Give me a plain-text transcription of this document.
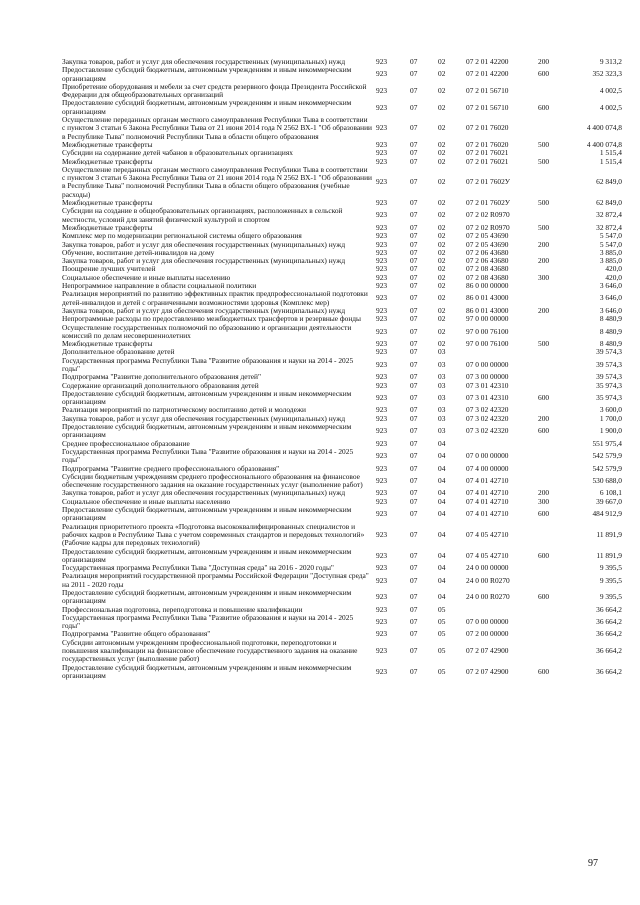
Закупка товаров, работ и услуг для обеспечения государственных (муниципальных) нужд	923	07	02	07 2 01 42200	200	9 313,2
Предоставление субсидий бюджетным, автономным учреждениям и иным некоммерческим организациям	923	07	02	07 2 01 42200	600	352 323,3
Приобретение оборудования и мебели за счет средств резервного фонда Президента Российской Федерации для общеобразовательных организаций	923	07	02	07 2 01 56710		4 002,5
Предоставление субсидий бюджетным, автономным учреждениям и иным некоммерческим организациям	923	07	02	07 2 01 56710	600	4 002,5
Осуществление переданных органам местного самоуправления Республики Тыва в соответствии с пунктом 3 статьи 6 Закона Республики Тыва от 21 июня 2014 года N 2562 ВХ-1 "Об образовании в Республике Тыва" полномочий Республики Тыва в области общего образования	923	07	02	07 2 01 76020		4 400 074,8
Межбюджетные трансферты	923	07	02	07 2 01 76020	500	4 400 074,8
Субсидии на содержание детей чабанов в образовательных организациях	923	07	02	07 2 01 76021		1 515,4
Межбюджетные трансферты	923	07	02	07 2 01 76021	500	1 515,4
Осуществление переданных органам местного самоуправления Республики Тыва в соответствии с пунктом 3 статьи 6 Закона Республики Тыва от 21 июня 2014 года N 2562 ВХ-1 "Об образовании в Республике Тыва" полномочий Республики Тыва в области общего образования (учебные расходы)	923	07	02	07 2 01 7602У		62 849,0
Межбюджетные трансферты	923	07	02	07 2 01 7602У	500	62 849,0
Субсидии на создание в общеобразовательных организациях, расположенных в сельской местности, условий для занятий физической культурой и спортом	923	07	02	07 2 02 R0970		32 872,4
Межбюджетные трансферты	923	07	02	07 2 02 R0970	500	32 872,4
Комплекс мер по модернизации региональной системы общего образования	923	07	02	07 2 05 43690		5 547,0
Закупка товаров, работ и услуг для обеспечения государственных (муниципальных) нужд	923	07	02	07 2 05 43690	200	5 547,0
Обучение, воспитание детей-инвалидов на дому	923	07	02	07 2 06 43680		3 885,0
Закупка товаров, работ и услуг для обеспечения государственных (муниципальных) нужд	923	07	02	07 2 06 43680	200	3 885,0
Поощрение лучших учителей	923	07	02	07 2 08 43680		420,0
Социальное обеспечение и иные выплаты населению	923	07	02	07 2 08 43680	300	420,0
Непрограммное направление в области социальной политики	923	07	02	86 0 00 00000		3 646,0
Реализация мероприятий по развитию эффективных практик предпрофессиональной подготовки детей-инвалидов и детей с ограниченными возможностями здоровья (Комплекс мер)	923	07	02	86 0 01 43000		3 646,0
Закупка товаров, работ и услуг для обеспечения государственных (муниципальных) нужд	923	07	02	86 0 01 43000	200	3 646,0
Непрограммные расходы по предоставлению межбюджетных трансфертов и резервные фонды	923	07	02	97 0 00 00000		8 480,9
Осуществление государственных полномочий по образованию и организации деятельности комиссий по делам несовершеннолетних	923	07	02	97 0 00 76100		8 480,9
Межбюджетные трансферты	923	07	02	97 0 00 76100	500	8 480,9
Дополнительное образование детей	923	07	03			39 574,3
Государственная программа Республики Тыва "Развитие образования и науки на 2014 - 2025 годы"	923	07	03	07 0 00 00000		39 574,3
Подпрограмма "Развитие дополнительного образования детей"	923	07	03	07 3 00 00000		39 574,3
Содержание организаций дополнительного образования детей	923	07	03	07 3 01 42310		35 974,3
Предоставление субсидий бюджетным, автономным учреждениям и иным некоммерческим организациям	923	07	03	07 3 01 42310	600	35 974,3
Реализация мероприятий по патриотическому воспитанию детей и молодежи	923	07	03	07 3 02 42320		3 600,0
Закупка товаров, работ и услуг для обеспечения государственных (муниципальных) нужд	923	07	03	07 3 02 42320	200	1 700,0
Предоставление субсидий бюджетным, автономным учреждениям и иным некоммерческим организациям	923	07	03	07 3 02 42320	600	1 900,0
Среднее профессиональное образование	923	07	04			551 975,4
Государственная программа Республики Тыва "Развитие образования и науки на 2014 - 2025 годы"	923	07	04	07 0 00 00000		542 579,9
Подпрограмма "Развитие среднего профессионального образования"	923	07	04	07 4 00 00000		542 579,9
Субсидии бюджетным учреждениям среднего профессионального образования на финансовое обеспечение государственного задания на оказание государственных услуг (выполнение работ)	923	07	04	07 4 01 42710		530 688,0
Закупка товаров, работ и услуг для обеспечения государственных (муниципальных) нужд	923	07	04	07 4 01 42710	200	6 108,1
Социальное обеспечение и иные выплаты населению	923	07	04	07 4 01 42710	300	39 667,0
Предоставление субсидий бюджетным, автономным учреждениям и иным некоммерческим организациям	923	07	04	07 4 01 42710	600	484 912,9
Реализация приоритетного проекта «Подготовка высококвалифицированных специалистов и рабочих кадров в Республике Тыва с учетом современных стандартов и передовых технологий» (Рабочие кадры для передовых технологий)	923	07	04	07 4 05 42710		11 891,9
Предоставление субсидий бюджетным, автономным учреждениям и иным некоммерческим организациям	923	07	04	07 4 05 42710	600	11 891,9
Государственная программа Республики Тыва "Доступная среда" на 2016 - 2020 годы"	923	07	04	24 0 00 00000		9 395,5
Реализация мероприятий государственной программы Российской Федерации "Доступная среда" на 2011 - 2020 годы	923	07	04	24 0 00 R0270		9 395,5
Предоставление субсидий бюджетным, автономным учреждениям и иным некоммерческим организациям	923	07	04	24 0 00 R0270	600	9 395,5
Профессиональная подготовка, переподготовка и повышение квалификации	923	07	05			36 664,2
Государственная программа Республики Тыва "Развитие образования и науки на 2014 - 2025 годы"	923	07	05	07 0 00 00000		36 664,2
Подпрограмма "Развитие общего образования"	923	07	05	07 2 00 00000		36 664,2
Субсидии автономным учреждениям профессиональной подготовки, переподготовки и повышения квалификации на финансовое обеспечение государственного задания на оказание государственных услуг (выполнение работ)	923	07	05	07 2 07 42900		36 664,2
Предоставление субсидий бюджетным, автономным учреждениям и иным некоммерческим организациям	923	07	05	07 2 07 42900	600	36 664,2
97
